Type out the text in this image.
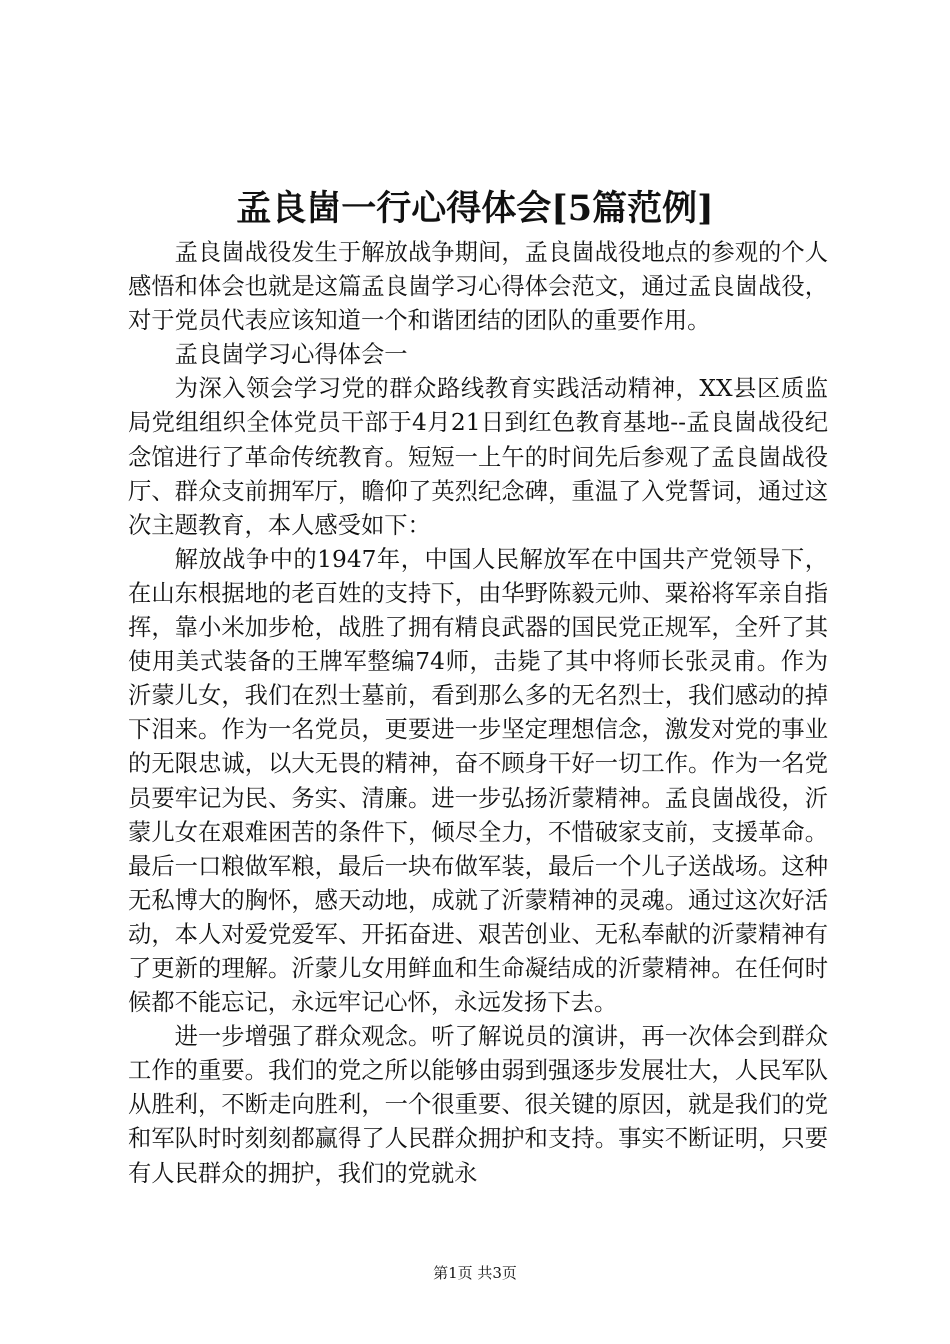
孟良崮一行心得体会[5篇范例]

孟良崮战役发生于解放战争期间，孟良崮战役地点的参观的个人感悟和体会也就是这篇孟良崮学习心得体会范文，通过孟良崮战役，对于党员代表应该知道一个和谐团结的团队的重要作用。

孟良崮学习心得体会一

为深入领会学习党的群众路线教育实践活动精神，XX县区质监局党组组织全体党员干部于4月21日到红色教育基地--孟良崮战役纪念馆进行了革命传统教育。短短一上午的时间先后参观了孟良崮战役厅、群众支前拥军厅，瞻仰了英烈纪念碑，重温了入党誓词，通过这次主题教育，本人感受如下：

解放战争中的1947年，中国人民解放军在中国共产党领导下，在山东根据地的老百姓的支持下，由华野陈毅元帅、粟裕将军亲自指挥，靠小米加步枪，战胜了拥有精良武器的国民党正规军，全歼了其使用美式装备的王牌军整编74师，击毙了其中将师长张灵甫。作为沂蒙儿女，我们在烈士墓前，看到那么多的无名烈士，我们感动的掉下泪来。作为一名党员，更要进一步坚定理想信念，激发对党的事业的无限忠诚，以大无畏的精神，奋不顾身干好一切工作。作为一名党员要牢记为民、务实、清廉。进一步弘扬沂蒙精神。孟良崮战役，沂蒙儿女在艰难困苦的条件下，倾尽全力，不惜破家支前，支援革命。最后一口粮做军粮，最后一块布做军装，最后一个儿子送战场。这种无私博大的胸怀，感天动地，成就了沂蒙精神的灵魂。通过这次好活动，本人对爱党爱军、开拓奋进、艰苦创业、无私奉献的沂蒙精神有了更新的理解。沂蒙儿女用鲜血和生命凝结成的沂蒙精神。在任何时候都不能忘记，永远牢记心怀，永远发扬下去。

进一步增强了群众观念。听了解说员的演讲，再一次体会到群众工作的重要。我们的党之所以能够由弱到强逐步发展壮大，人民军队从胜利，不断走向胜利，一个很重要、很关键的原因，就是我们的党和军队时时刻刻都赢得了人民群众拥护和支持。事实不断证明，只要有人民群众的拥护，我们的党就永

第1页 共3页
